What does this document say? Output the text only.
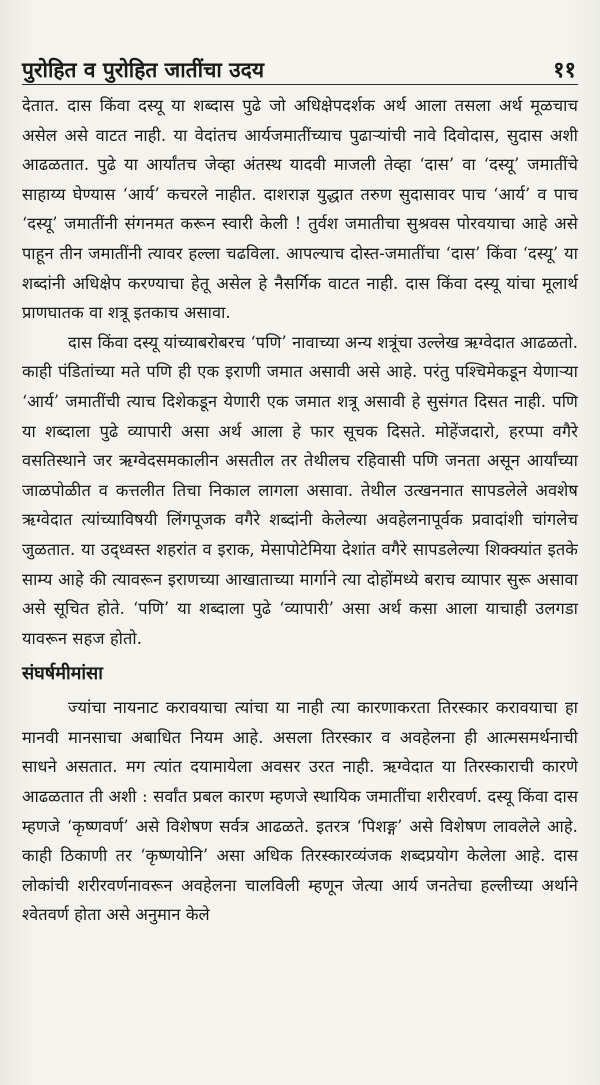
पुरोहित व पुरोहित जातींचा उदय	११

देतात. दास किंवा दस्यू या शब्दास पुढे जो अधिक्षेपदर्शक अर्थ आला तसला अर्थ मूळचाच असेल असे वाटत नाही. या वेदांतच आर्यजमातींच्याच पुढाऱ्यांची नावे दिवोदास, सुदास अशी आढळतात. पुढे या आर्यांतच जेव्हा अंतस्थ यादवी माजली तेव्हा ‘दास’ वा ‘दस्यू’ जमातींचे साहाय्य घेण्यास ‘आर्य’ कचरले नाहीत. दाशराज्ञ युद्धात तरुण सुदासावर पाच ‘आर्य’ व पाच ‘दस्यू’ जमातींनी संगनमत करून स्वारी केली ! तुर्वश जमातीचा सुश्रवस पोरवयाचा आहे असे पाहून तीन जमातींनी त्यावर हल्ला चढविला. आपल्याच दोस्त-जमातींचा ‘दास’ किंवा ‘दस्यू’ या शब्दांनी अधिक्षेप करण्याचा हेतू असेल हे नैसर्गिक वाटत नाही. दास किंवा दस्यू यांचा मूलार्थ प्राणघातक वा शत्रू इतकाच असावा.

दास किंवा दस्यू यांच्याबरोबरच ‘पणि’ नावाच्या अन्य शत्रूंचा उल्लेख ऋग्वेदात आढळतो. काही पंडितांच्या मते पणि ही एक इराणी जमात असावी असे आहे. परंतु पश्चिमेकडून येणाऱ्या ‘आर्य’ जमातींची त्याच दिशेकडून येणारी एक जमात शत्रू असावी हे सुसंगत दिसत नाही. पणि या शब्दाला पुढे व्यापारी असा अर्थ आला हे फार सूचक दिसते. मोहेंजदारो, हरप्पा वगैरे वसतिस्थाने जर ऋग्वेदसमकालीन असतील तर तेथीलच रहिवासी पणि जनता असून आर्यांच्या जाळपोळीत व कत्तलीत तिचा निकाल लागला असावा. तेथील उत्खननात सापडलेले अवशेष ऋग्वेदात त्यांच्याविषयी लिंगपूजक वगैरे शब्दांनी केलेल्या अवहेलनापूर्वक प्रवादांशी चांगलेच जुळतात. या उद्ध्वस्त शहरांत व इराक, मेसापोटेमिया देशांत वगैरे सापडलेल्या शिक्क्यांत इतके साम्य आहे की त्यावरून इराणच्या आखाताच्या मार्गाने त्या दोहोंमध्ये बराच व्यापार सुरू असावा असे सूचित होते. ‘पणि’ या शब्दाला पुढे ‘व्यापारी’ असा अर्थ कसा आला याचाही उलगडा यावरून सहज होतो.

संघर्षमीमांसा

ज्यांचा नायनाट करावयाचा त्यांचा या नाही त्या कारणाकरता तिरस्कार करावयाचा हा मानवी मानसाचा अबाधित नियम आहे. असला तिरस्कार व अवहेलना ही आत्मसमर्थनाची साधने असतात. मग त्यांत दयामायेला अवसर उरत नाही. ऋग्वेदात या तिरस्काराची कारणे आढळतात ती अशी : सर्वांत प्रबल कारण म्हणजे स्थायिक जमातींचा शरीरवर्ण. दस्यू किंवा दास म्हणजे ‘कृष्णवर्ण’ असे विशेषण सर्वत्र आढळते. इतरत्र ‘पिशङ्ग’ असे विशेषण लावलेले आहे. काही ठिकाणी तर ‘कृष्णयोनि’ असा अधिक तिरस्कारव्यंजक शब्दप्रयोग केलेला आहे. दास लोकांची शरीरवर्णनावरून अवहेलना चालविली म्हणून जेत्या आर्य जनतेचा हल्लीच्या अर्थाने श्वेतवर्ण होता असे अनुमान केले
